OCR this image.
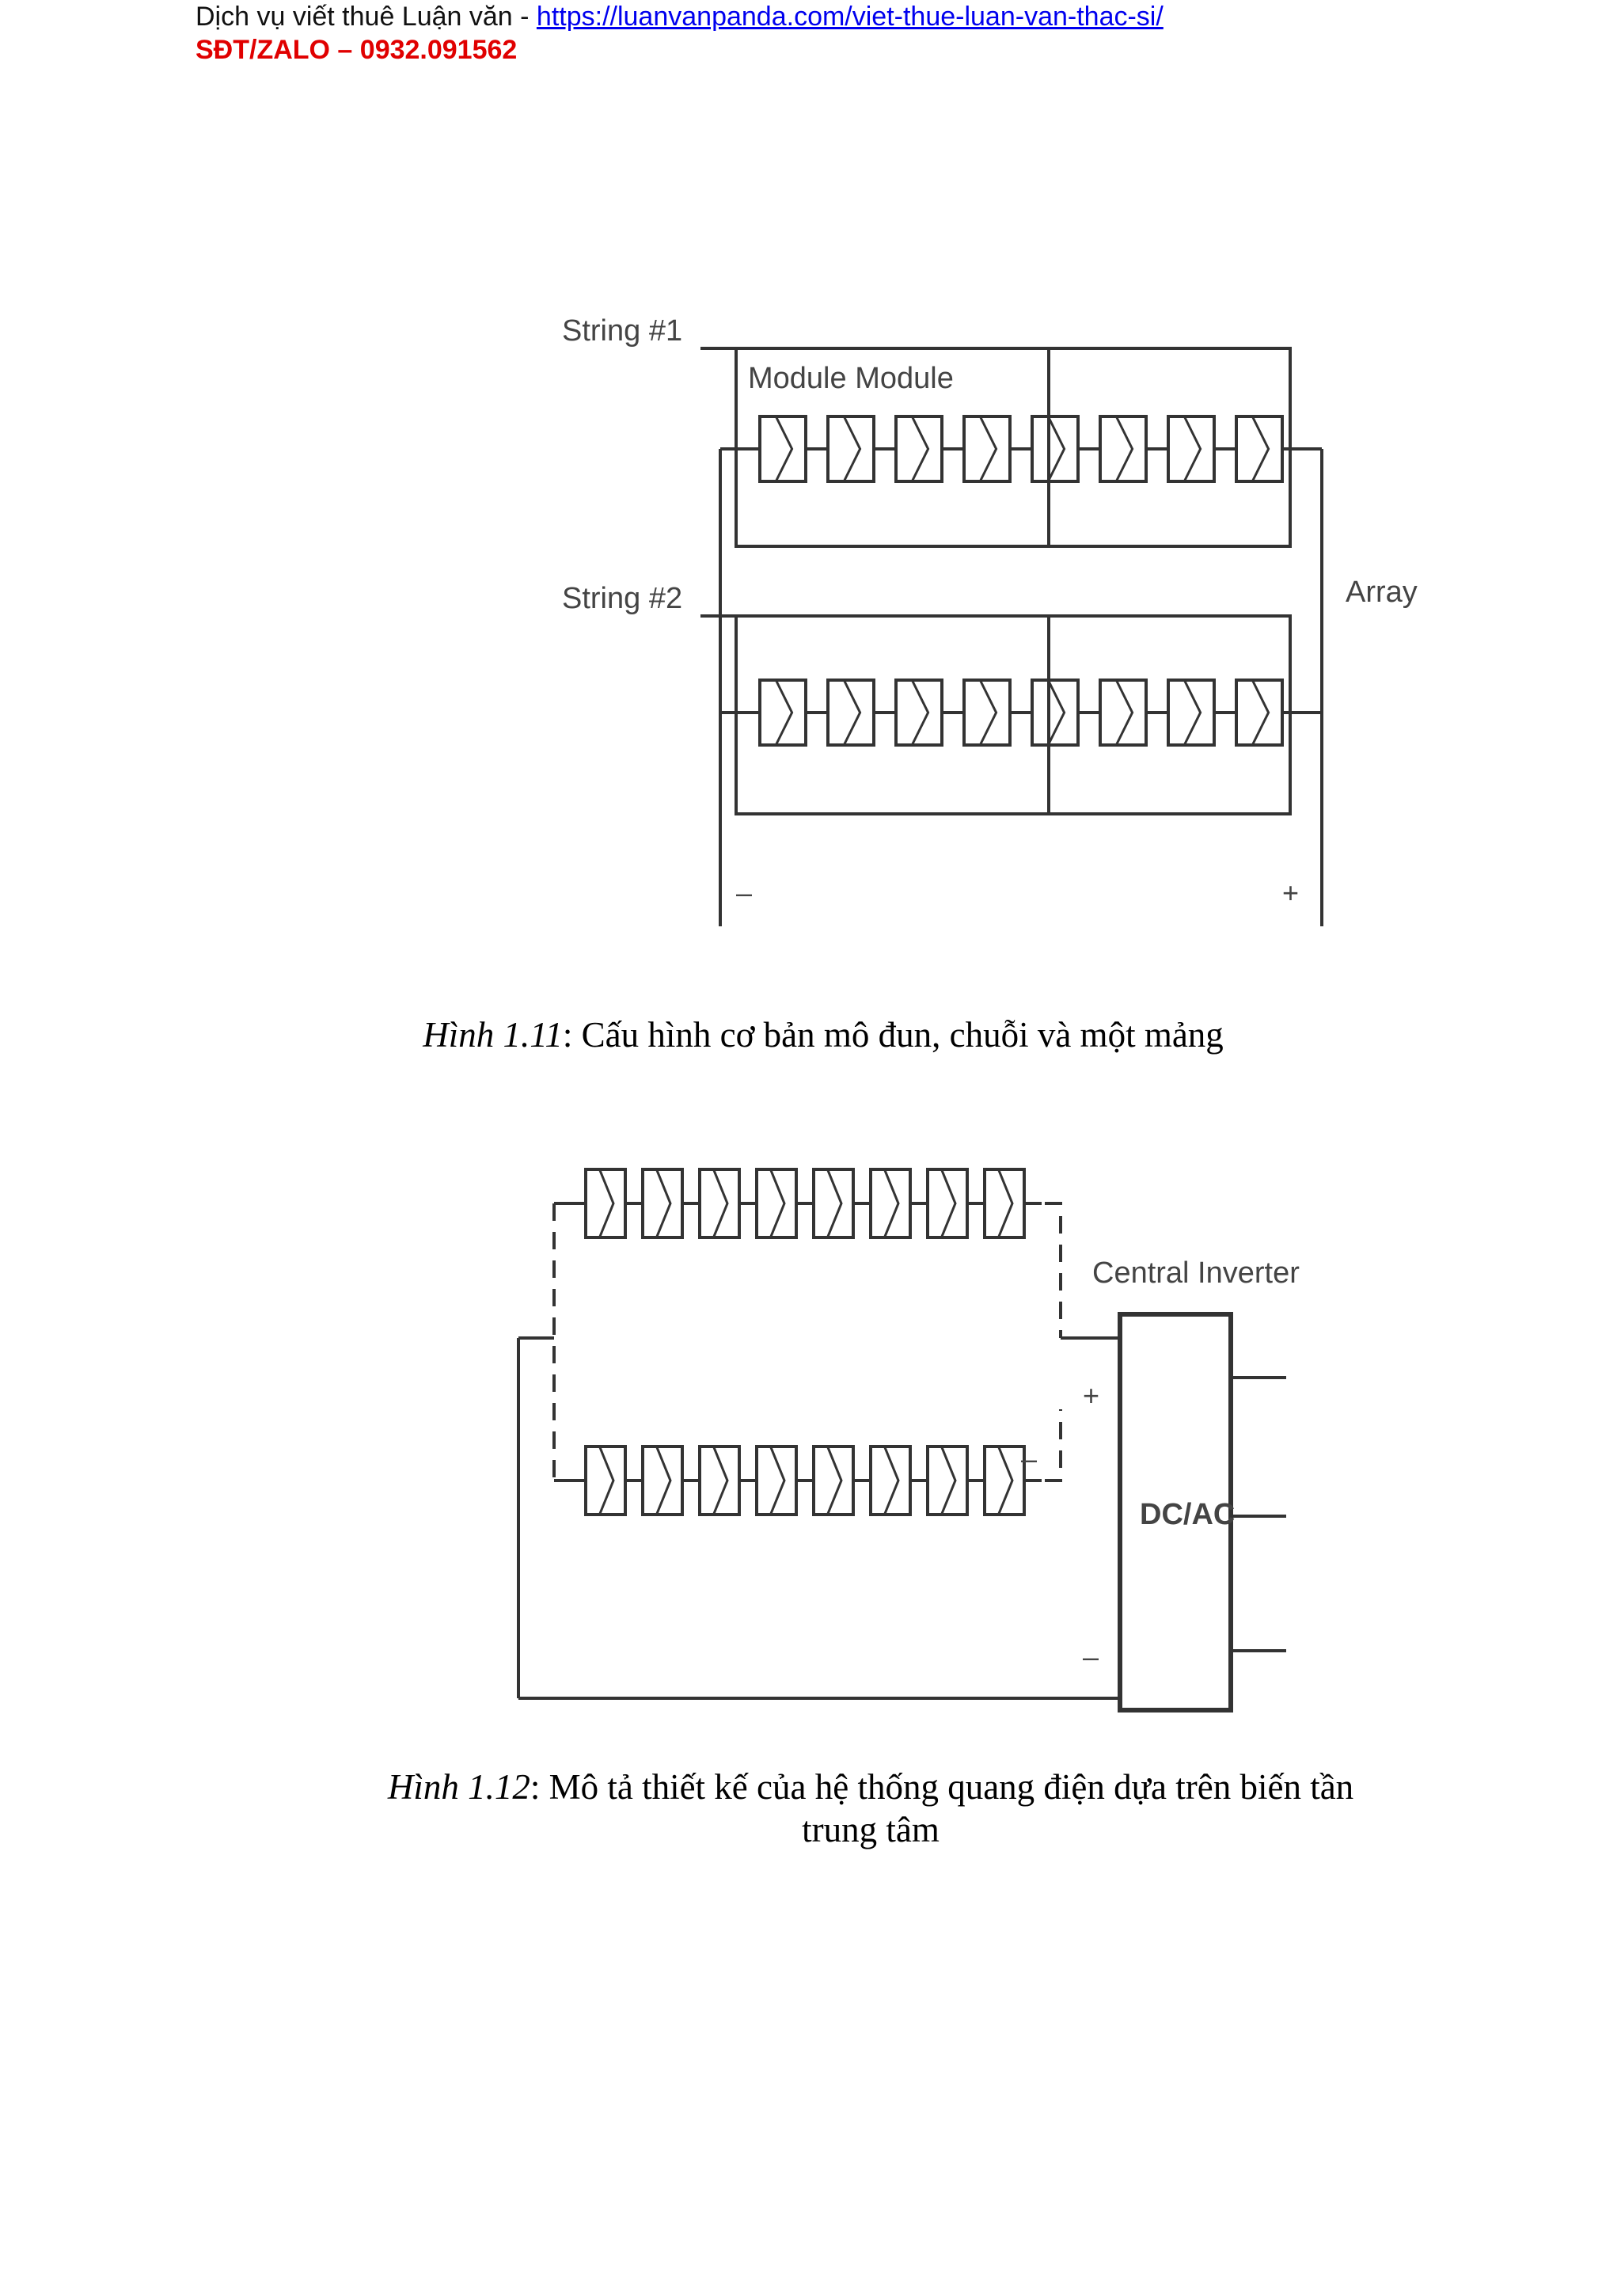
Dịch vụ viết thuê Luận văn - https://luanvanpanda.com/viet-thue-luan-van-thac-si/
SĐT/ZALO – 0932.091562
String #1
String #2
Module Module
Array
–	+
Hình 1.11: Cấu hình cơ bản mô đun, chuỗi và một mảng
Central Inverter
DC/AC
+
–
–
Hình 1.12: Mô tả thiết kế của hệ thống quang điện dựa trên biến tần
trung tâm
